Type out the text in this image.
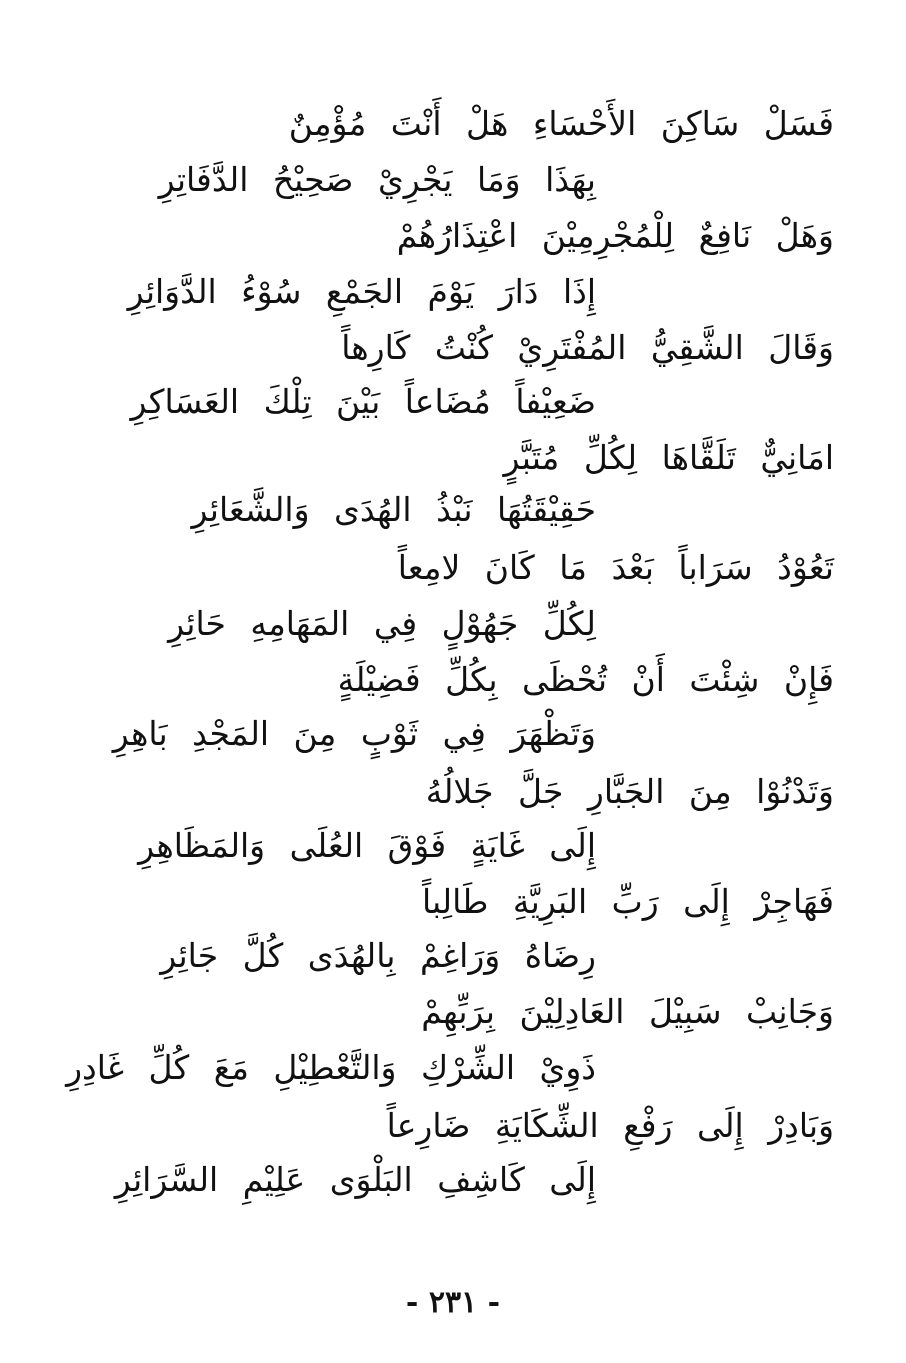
فَسَلْ سَاكِنَ الأَحْسَاءِ هَلْ أَنْتَ مُؤْمِنٌ
بِهَذَا وَمَا يَجْرِيْ صَحِيْحُ الدَّفَاتِرِ
وَهَلْ نَافِعٌ لِلْمُجْرِمِيْنَ اعْتِذَارُهُمْ
إِذَا دَارَ يَوْمَ الجَمْعِ سُوْءُ الدَّوَائِرِ
وَقَالَ الشَّقِيُّ المُفْتَرِيْ كُنْتُ كَارِهاً
ضَعِيْفاً مُضَاعاً بَيْنَ تِلْكَ العَسَاكِرِ
امَانِيٌّ تَلَقَّاهَا لِكُلِّ مُتَبَّرٍ
حَقِيْقَتُهَا نَبْذُ الهُدَى وَالشَّعَائِرِ
تَعُوْدُ سَرَاباً بَعْدَ مَا كَانَ لامِعاً
لِكُلِّ جَهُوْلٍ فِي المَهَامِهِ حَائِرِ
فَإِنْ شِئْتَ أَنْ تُحْظَى بِكُلِّ فَضِيْلَةٍ
وَتَظْهَرَ فِي ثَوْبٍ مِنَ المَجْدِ بَاهِرِ
وَتَدْنُوْا مِنَ الجَبَّارِ جَلَّ جَلالُهُ
إِلَى غَايَةٍ فَوْقَ العُلَى وَالمَظَاهِرِ
فَهَاجِرْ إِلَى رَبِّ البَرِيَّةِ طَالِباً
رِضَاهُ وَرَاغِمْ بِالهُدَى كُلَّ جَائِرِ
وَجَانِبْ سَبِيْلَ العَادِلِيْنَ بِرَبِّهِمْ
ذَوِيْ الشِّرْكِ وَالتَّعْطِيْلِ مَعَ كُلِّ غَادِرِ
وَبَادِرْ إِلَى رَفْعِ الشِّكَايَةِ ضَارِعاً
إِلَى كَاشِفِ البَلْوَى عَلِيْمِ السَّرَائِرِ
- ٢٣١ -
